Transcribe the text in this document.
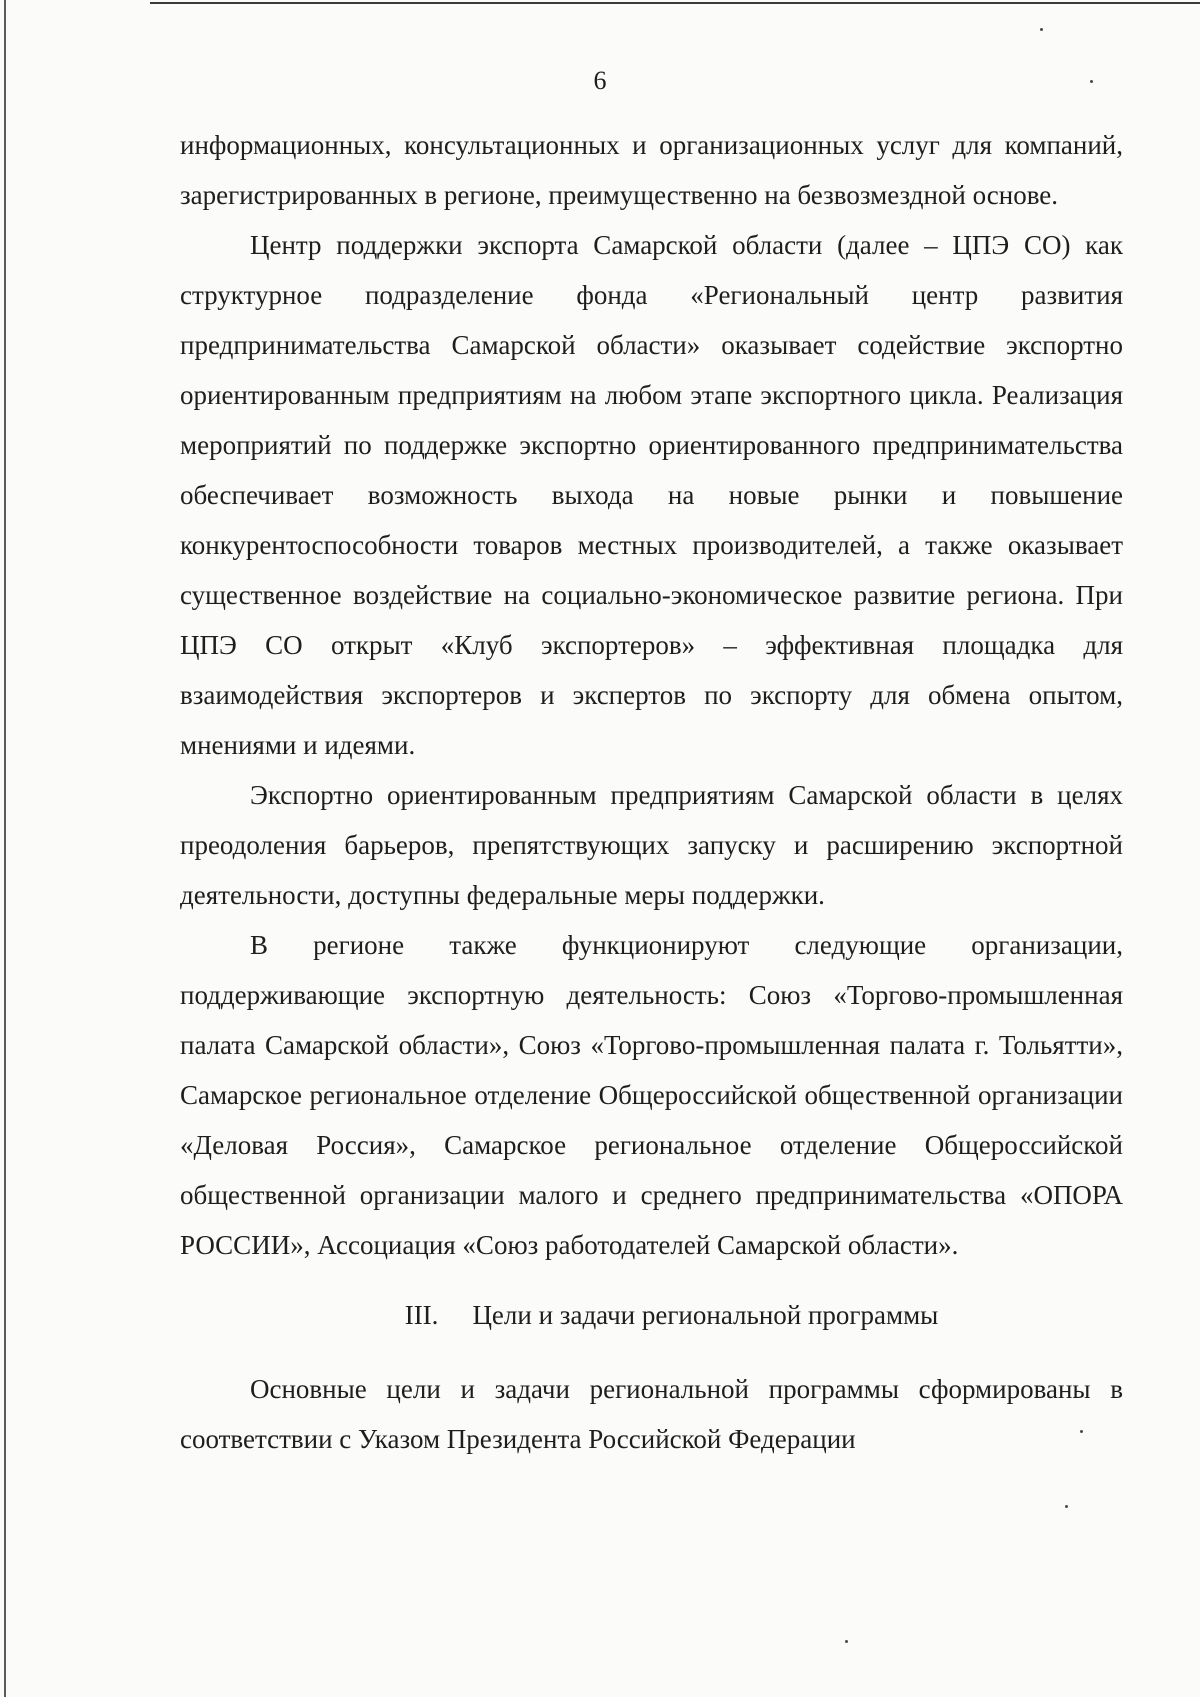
6

информационных, консультационных и организационных услуг для компаний, зарегистрированных в регионе, преимущественно на безвозмездной основе.

Центр поддержки экспорта Самарской области (далее – ЦПЭ СО) как структурное подразделение фонда «Региональный центр развития предпринимательства Самарской области» оказывает содействие экспортно ориентированным предприятиям на любом этапе экспортного цикла. Реализация мероприятий по поддержке экспортно ориентированного предпринимательства обеспечивает возможность выхода на новые рынки и повышение конкурентоспособности товаров местных производителей, а также оказывает существенное воздействие на социально-экономическое развитие региона. При ЦПЭ СО открыт «Клуб экспортеров» – эффективная площадка для взаимодействия экспортеров и экспертов по экспорту для обмена опытом, мнениями и идеями.

Экспортно ориентированным предприятиям Самарской области в целях преодоления барьеров, препятствующих запуску и расширению экспортной деятельности, доступны федеральные меры поддержки.

В регионе также функционируют следующие организации, поддерживающие экспортную деятельность: Союз «Торгово-промышленная палата Самарской области», Союз «Торгово-промышленная палата г. Тольятти», Самарское региональное отделение Общероссийской общественной организации «Деловая Россия», Самарское региональное отделение Общероссийской общественной организации малого и среднего предпринимательства «ОПОРА РОССИИ», Ассоциация «Союз работодателей Самарской области».

III. Цели и задачи региональной программы

Основные цели и задачи региональной программы сформированы в соответствии с Указом Президента Российской Федерации
